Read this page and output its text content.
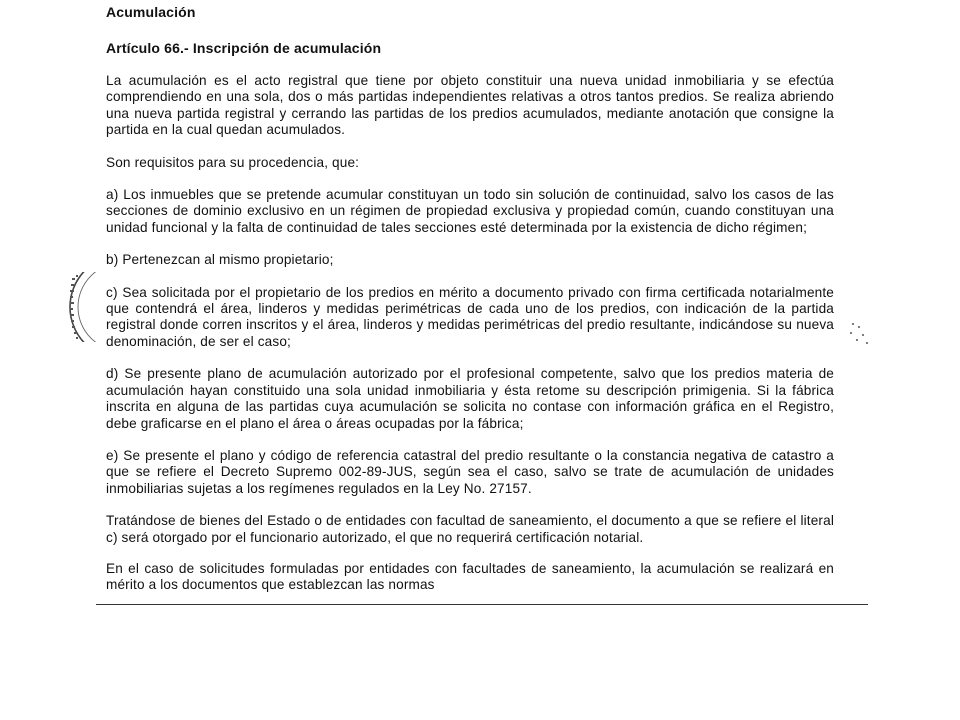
Acumulación

Artículo 66.- Inscripción de acumulación

La acumulación es el acto registral que tiene por objeto constituir una nueva unidad inmobiliaria y se efectúa comprendiendo en una sola, dos o más partidas independientes relativas a otros tantos predios. Se realiza abriendo una nueva partida registral y cerrando las partidas de los predios acumulados, mediante anotación que consigne la partida en la cual quedan acumulados.

Son requisitos para su procedencia, que:

a) Los inmuebles que se pretende acumular constituyan un todo sin solución de continuidad, salvo los casos de las secciones de dominio exclusivo en un régimen de propiedad exclusiva y propiedad común, cuando constituyan una unidad funcional y la falta de continuidad de tales secciones esté determinada por la existencia de dicho régimen;

b) Pertenezcan al mismo propietario;

c) Sea solicitada por el propietario de los predios en mérito a documento privado con firma certificada notarialmente que contendrá el área, linderos y medidas perimétricas de cada uno de los predios, con indicación de la partida registral donde corren inscritos y el área, linderos y medidas perimétricas del predio resultante, indicándose su nueva denominación, de ser el caso;

d) Se presente plano de acumulación autorizado por el profesional competente, salvo que los predios materia de acumulación hayan constituido una sola unidad inmobiliaria y ésta retome su descripción primigenia. Si la fábrica inscrita en alguna de las partidas cuya acumulación se solicita no contase con información gráfica en el Registro, debe graficarse en el plano el área o áreas ocupadas por la fábrica;

e) Se presente el plano y código de referencia catastral del predio resultante o la constancia negativa de catastro a que se refiere el Decreto Supremo 002-89-JUS, según sea el caso, salvo se trate de acumulación de unidades inmobiliarias sujetas a los regímenes regulados en la Ley No. 27157.

Tratándose de bienes del Estado o de entidades con facultad de saneamiento, el documento a que se refiere el literal c) será otorgado por el funcionario autorizado, el que no requerirá certificación notarial.

En el caso de solicitudes formuladas por entidades con facultades de saneamiento, la acumulación se realizará en mérito a los documentos que establezcan las normas
